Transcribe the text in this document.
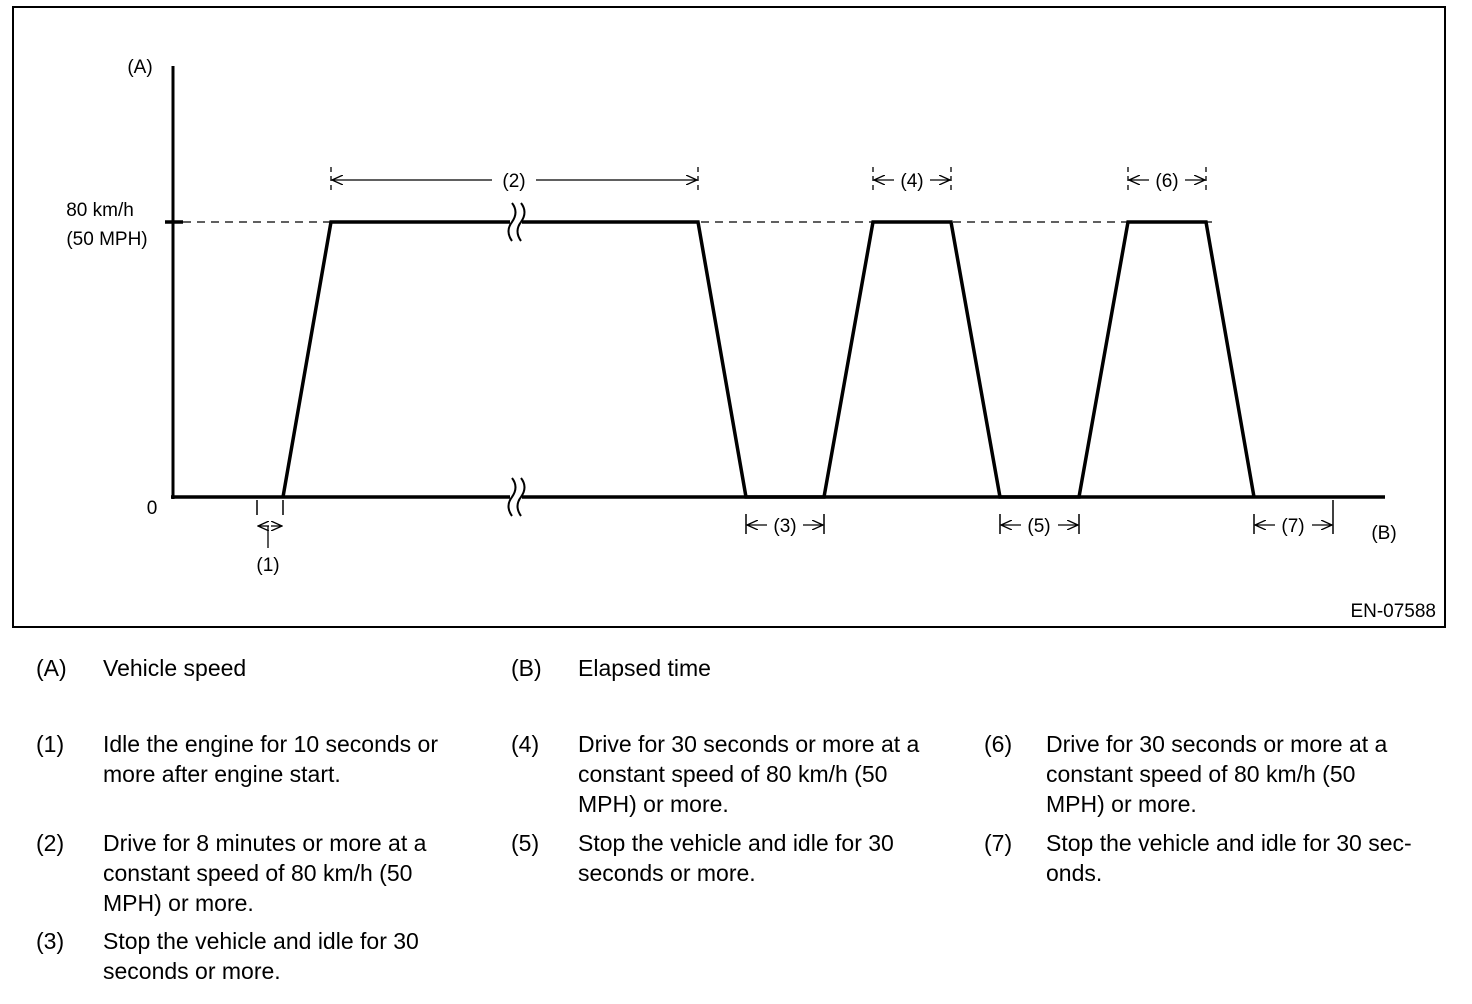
(A)
(B)
80 km/h
(50 MPH)
0
(1)
(2)
(3)
(4)
(5)
(6)
(7)
EN-07588
(A) Vehicle speed	(B) Elapsed time
(1) Idle the engine for 10 seconds or
more after engine start.
(2) Drive for 8 minutes or more at a
constant speed of 80 km/h (50
MPH) or more.
(3) Stop the vehicle and idle for 30
seconds or more.
(4) Drive for 30 seconds or more at a
constant speed of 80 km/h (50
MPH) or more.
(5) Stop the vehicle and idle for 30
seconds or more.
(6) Drive for 30 seconds or more at a
constant speed of 80 km/h (50
MPH) or more.
(7) Stop the vehicle and idle for 30 sec-
onds.
